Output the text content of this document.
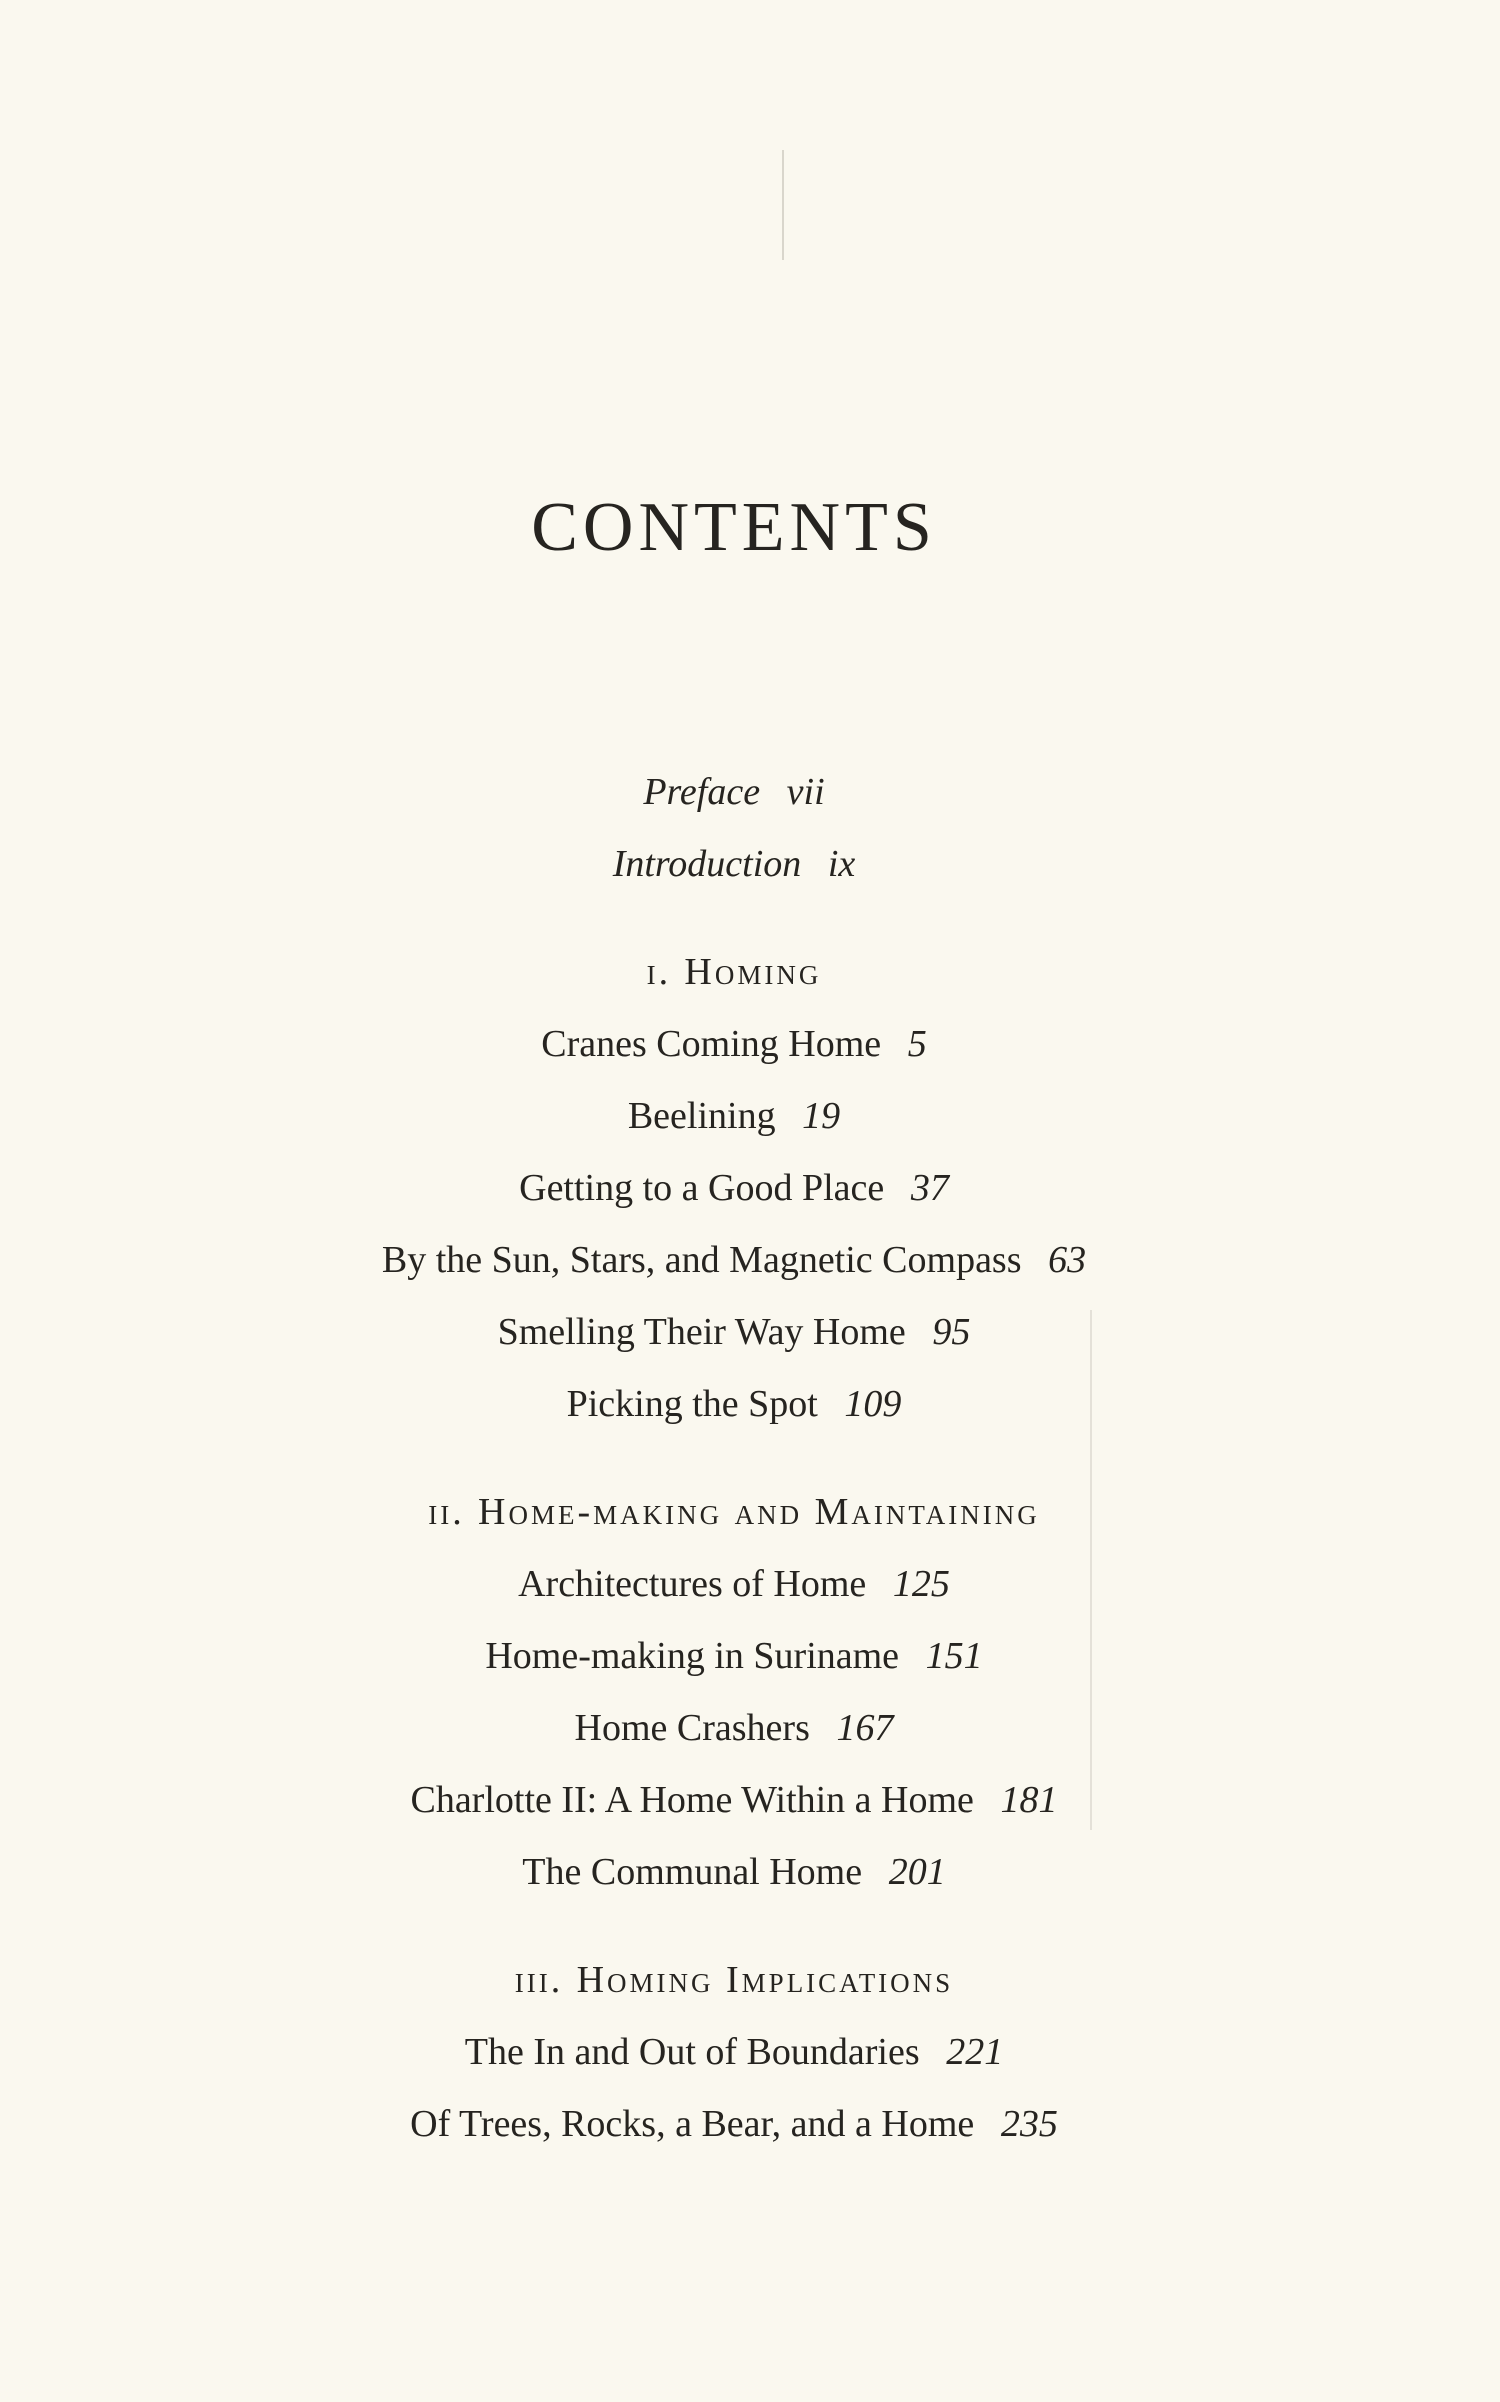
CONTENTS
Preface vii
Introduction ix
i. Homing
Cranes Coming Home 5
Beelining 19
Getting to a Good Place 37
By the Sun, Stars, and Magnetic Compass 63
Smelling Their Way Home 95
Picking the Spot 109
ii. Home-making and Maintaining
Architectures of Home 125
Home-making in Suriname 151
Home Crashers 167
Charlotte II: A Home Within a Home 181
The Communal Home 201
iii. Homing Implications
The In and Out of Boundaries 221
Of Trees, Rocks, a Bear, and a Home 235
